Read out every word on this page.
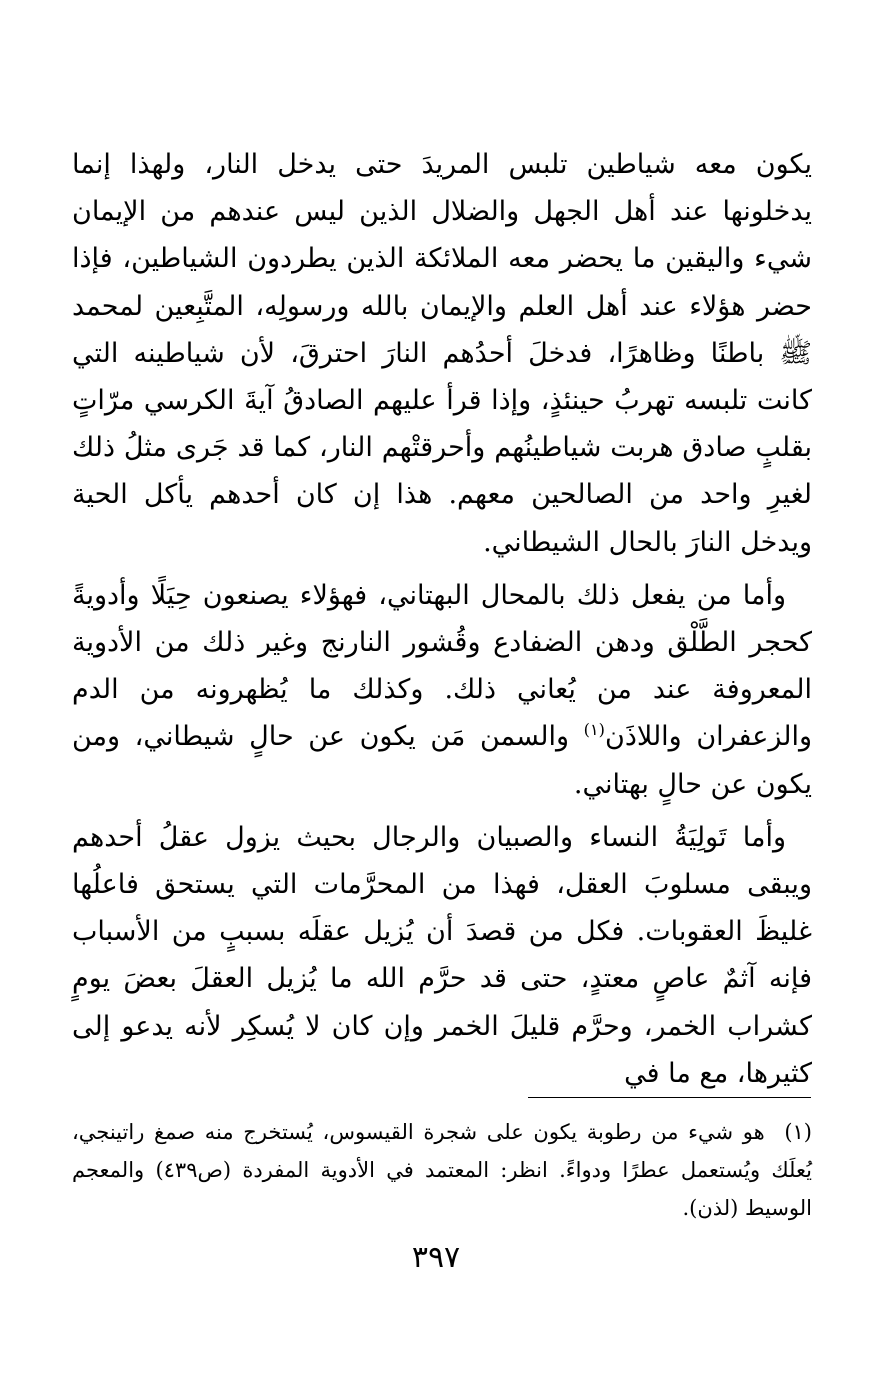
يكون معه شياطين تلبس المريدَ حتى يدخل النار، ولهذا إنما يدخلونها عند أهل الجهل والضلال الذين ليس عندهم من الإيمان شيء واليقين ما يحضر معه الملائكة الذين يطردون الشياطين، فإذا حضر هؤلاء عند أهل العلم والإيمان بالله ورسولِه، المتَّبِعين لمحمد ﷺ باطنًا وظاهرًا، فدخلَ أحدُهم النارَ احترقَ، لأن شياطينه التي كانت تلبسه تهربُ حينئذٍ، وإذا قرأ عليهم الصادقُ آيةَ الكرسي مرّاتٍ بقلبٍ صادق هربت شياطينُهم وأحرقتْهم النار، كما قد جَرى مثلُ ذلك لغيرِ واحد من الصالحين معهم. هذا إن كان أحدهم يأكل الحية ويدخل النارَ بالحال الشيطاني.

وأما من يفعل ذلك بالمحال البهتاني، فهؤلاء يصنعون حِيَلًا وأدويةً كحجر الطَّلْق ودهن الضفادع وقُشور النارنج وغير ذلك من الأدوية المعروفة عند من يُعاني ذلك. وكذلك ما يُظهرونه من الدم والزعفران واللاذَن$^{(١)}$ والسمن مَن يكون عن حالٍ شيطاني، ومن يكون عن حالٍ بهتاني.

وأما تَولِيَةُ النساء والصبيان والرجال بحيث يزول عقلُ أحدهم ويبقى مسلوبَ العقل، فهذا من المحرَّمات التي يستحق فاعلُها غليظَ العقوبات. فكل من قصدَ أن يُزيل عقلَه بسببٍ من الأسباب فإنه آثمٌ عاصٍ معتدٍ، حتى قد حرَّم الله ما يُزيل العقلَ بعضَ يومٍ كشراب الخمر، وحرَّم قليلَ الخمر وإن كان لا يُسكِر لأنه يدعو إلى كثيرها، مع ما في

(١) هو شيء من رطوبة يكون على شجرة القيسوس، يُستخرج منه صمغ راتينجي، يُعلَك ويُستعمل عطرًا ودواءً. انظر: المعتمد في الأدوية المفردة (ص٤٣٩) والمعجم الوسيط (لذن).
٣٩٧
